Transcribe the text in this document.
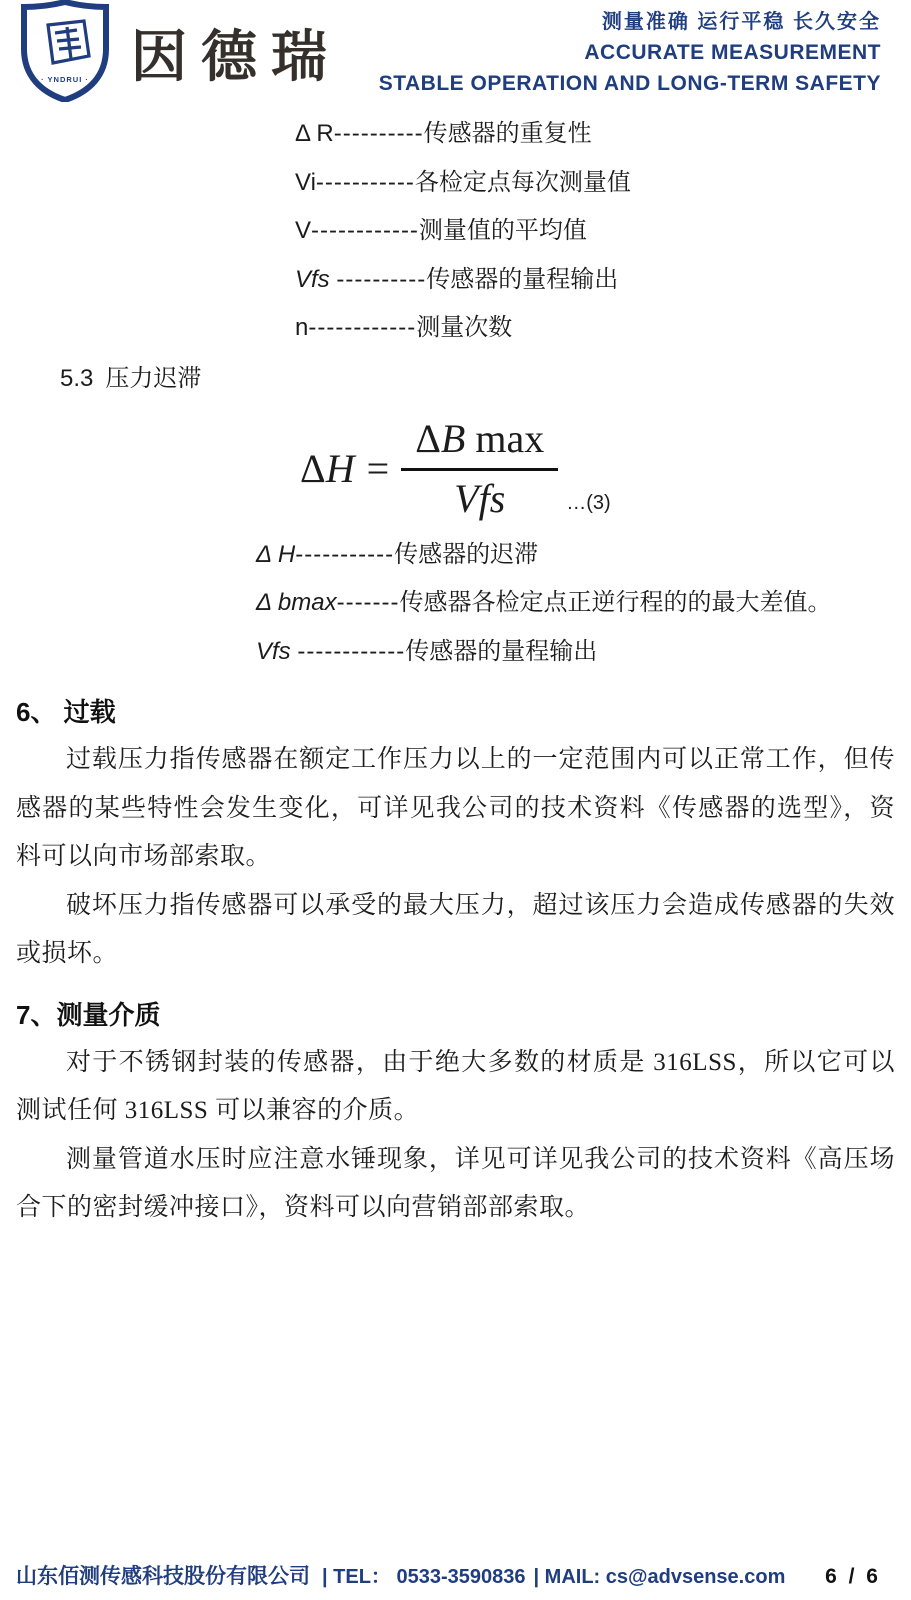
· YNDRUI · 因德瑞
测量准确 运行平稳 长久安全
ACCURATE MEASUREMENT
STABLE OPERATION AND LONG-TERM SAFETY
Δ R----------传感器的重复性
Vi-----------各检定点每次测量值
V------------测量值的平均值
Vfs ----------传感器的量程输出
n------------测量次数
5.3 压力迟滞
$\Delta H = \frac{\text{ΔB max}}{\text{Vfs}}$ …(3)
Δ H-----------传感器的迟滞
Δ bmax-------传感器各检定点正逆行程的的最大差值。
Vfs ------------传感器的量程输出
6、 过载

过载压力指传感器在额定工作压力以上的一定范围内可以正常工作，但传感器的某些特性会发生变化，可详见我公司的技术资料《传感器的选型》，资料可以向市场部索取。

破坏压力指传感器可以承受的最大压力，超过该压力会造成传感器的失效或损坏。

7、测量介质

对于不锈钢封装的传感器，由于绝大多数的材质是 316LSS，所以它可以测试任何 316LSS 可以兼容的介质。

测量管道水压时应注意水锤现象，详见可详见我公司的技术资料《高压场合下的密封缓冲接口》，资料可以向营销部部索取。

山东佰测传感科技股份有限公司 | TEL： 0533-3590836 | MAIL: cs@advsense.com 6 / 6
